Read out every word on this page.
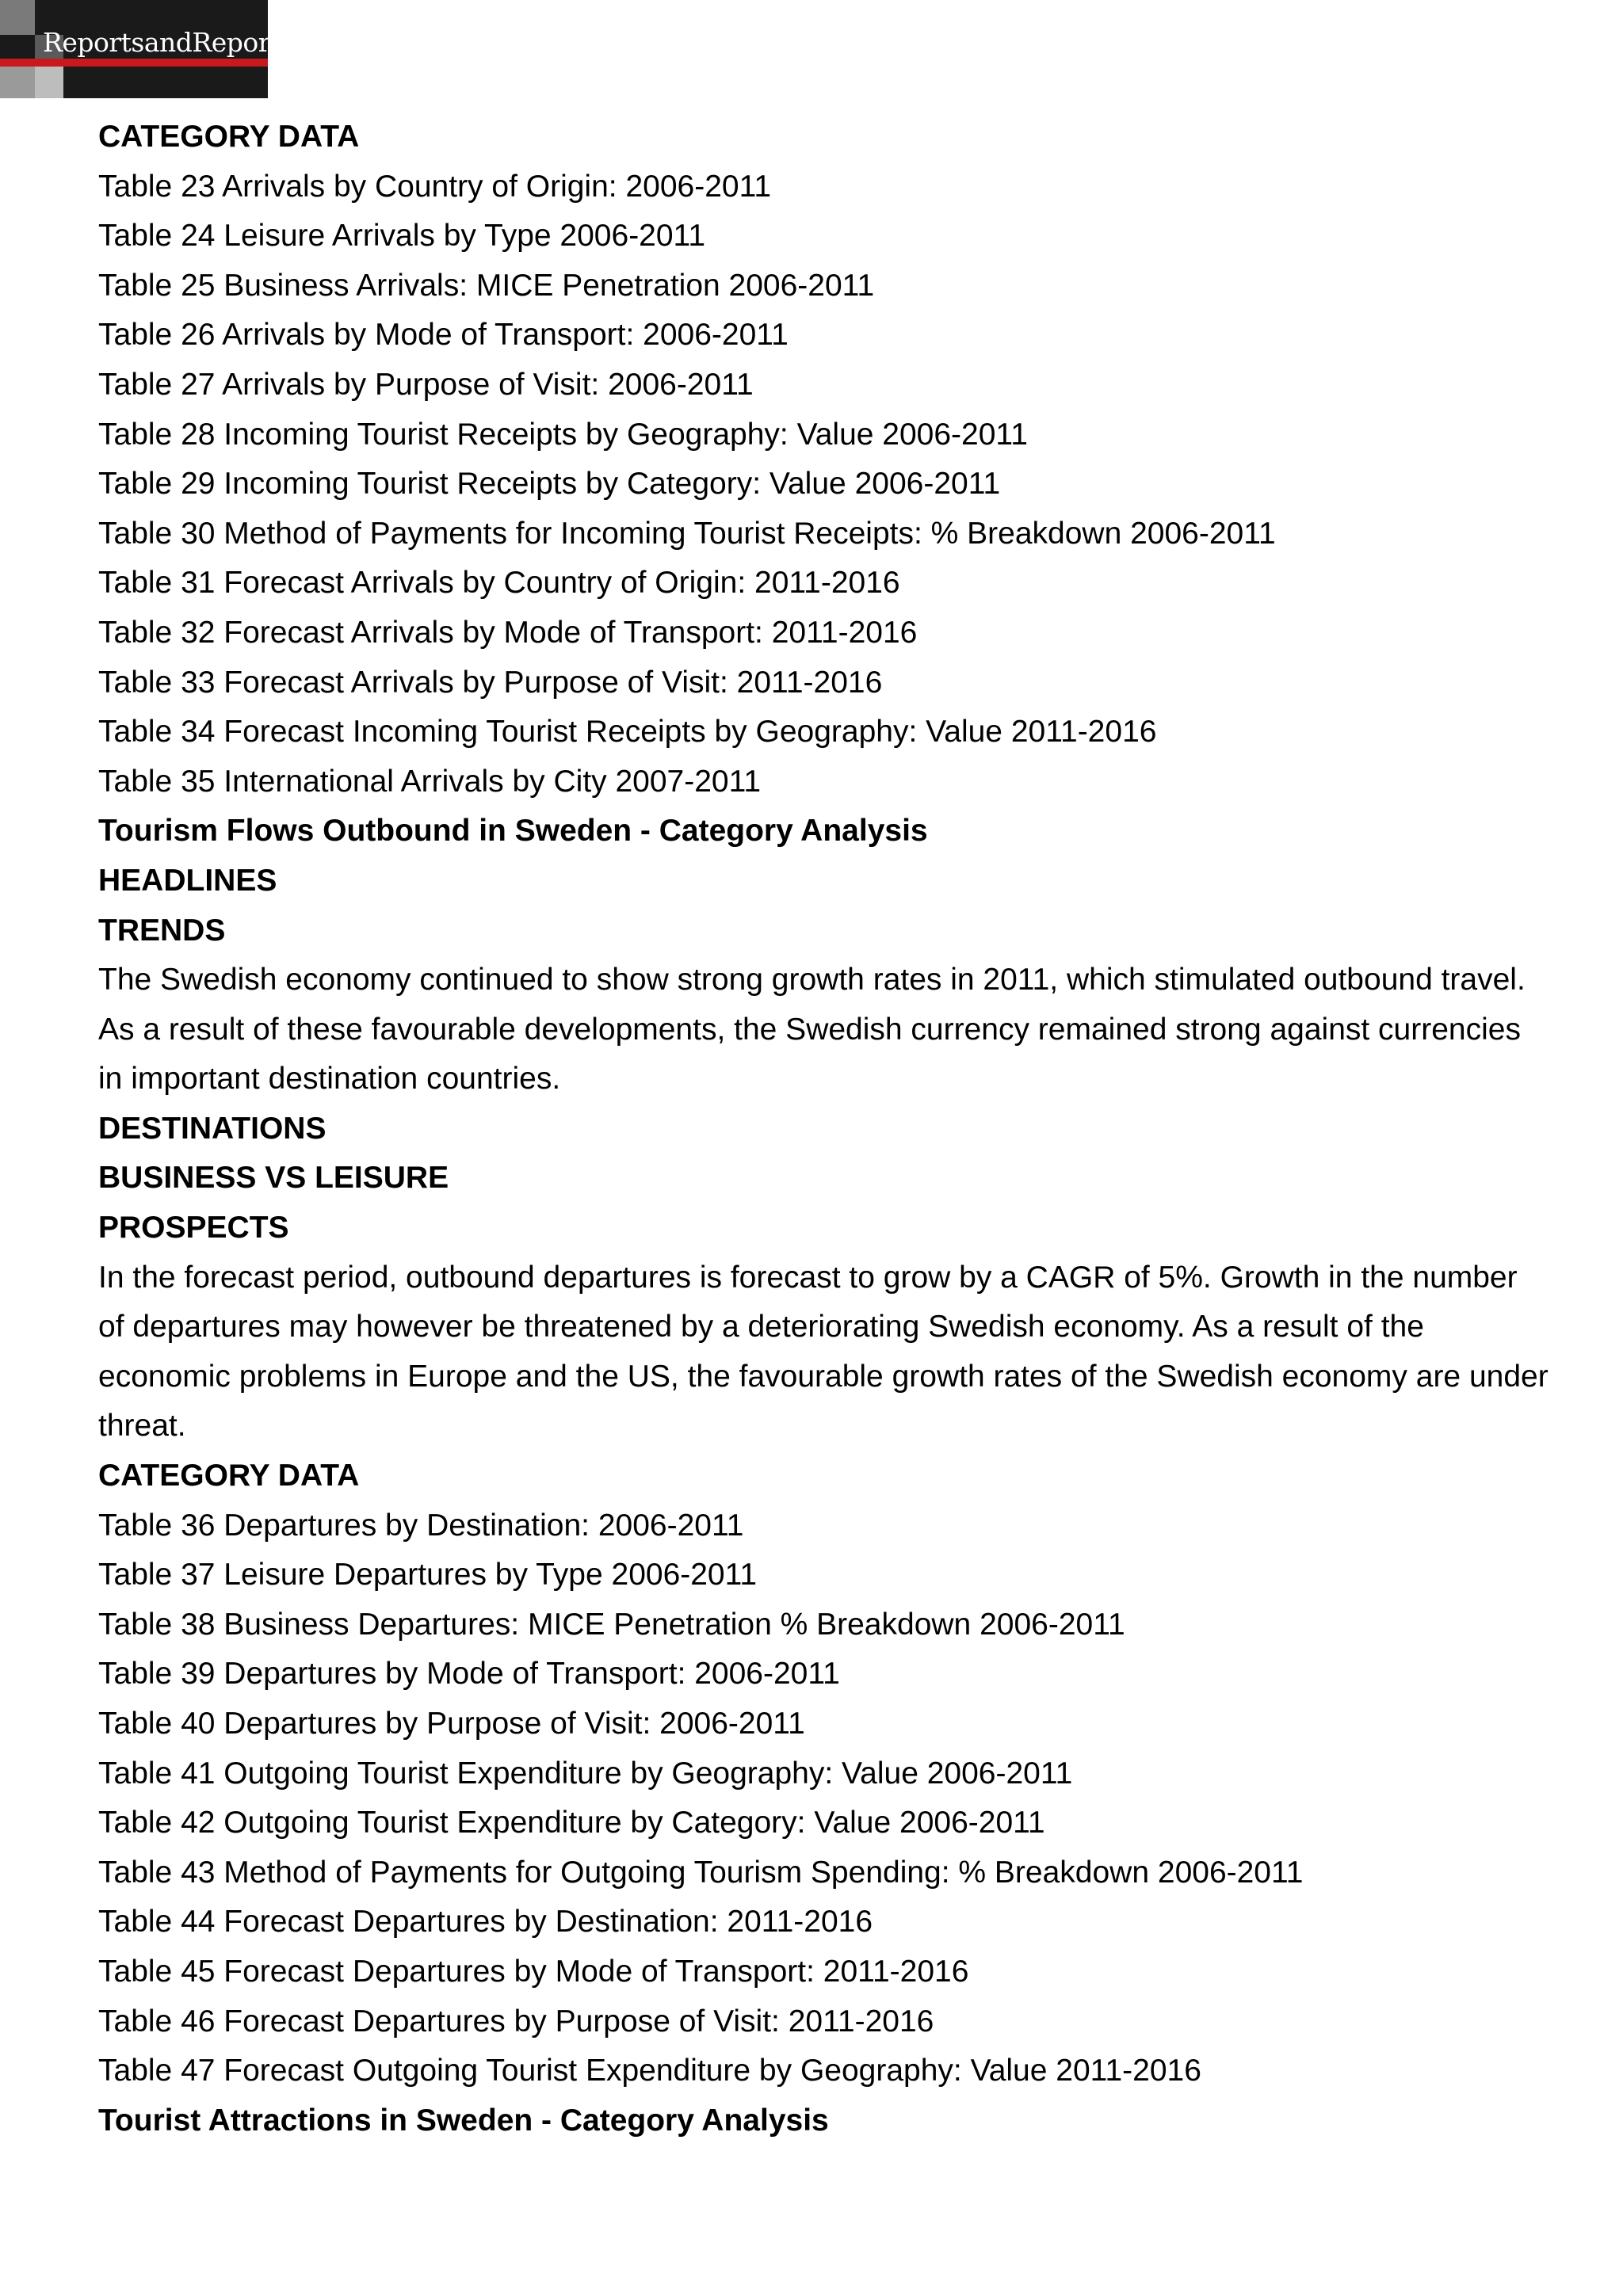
ReportsandReports
CATEGORY DATA
Table 23 Arrivals by Country of Origin: 2006-2011
Table 24 Leisure Arrivals by Type 2006-2011
Table 25 Business Arrivals: MICE Penetration 2006-2011
Table 26 Arrivals by Mode of Transport: 2006-2011
Table 27 Arrivals by Purpose of Visit: 2006-2011
Table 28 Incoming Tourist Receipts by Geography: Value 2006-2011
Table 29 Incoming Tourist Receipts by Category: Value 2006-2011
Table 30 Method of Payments for Incoming Tourist Receipts: % Breakdown 2006-2011
Table 31 Forecast Arrivals by Country of Origin: 2011-2016
Table 32 Forecast Arrivals by Mode of Transport: 2011-2016
Table 33 Forecast Arrivals by Purpose of Visit: 2011-2016
Table 34 Forecast Incoming Tourist Receipts by Geography: Value 2011-2016
Table 35 International Arrivals by City 2007-2011
Tourism Flows Outbound in Sweden - Category Analysis
HEADLINES
TRENDS
The Swedish economy continued to show strong growth rates in 2011, which stimulated outbound travel. As a result of these favourable developments, the Swedish currency remained strong against currencies in important destination countries.
DESTINATIONS
BUSINESS VS LEISURE
PROSPECTS
In the forecast period, outbound departures is forecast to grow by a CAGR of 5%. Growth in the number of departures may however be threatened by a deteriorating Swedish economy. As a result of the economic problems in Europe and the US, the favourable growth rates of the Swedish economy are under threat.
CATEGORY DATA
Table 36 Departures by Destination: 2006-2011
Table 37 Leisure Departures by Type 2006-2011
Table 38 Business Departures: MICE Penetration % Breakdown 2006-2011
Table 39 Departures by Mode of Transport: 2006-2011
Table 40 Departures by Purpose of Visit: 2006-2011
Table 41 Outgoing Tourist Expenditure by Geography: Value 2006-2011
Table 42 Outgoing Tourist Expenditure by Category: Value 2006-2011
Table 43 Method of Payments for Outgoing Tourism Spending: % Breakdown 2006-2011
Table 44 Forecast Departures by Destination: 2011-2016
Table 45 Forecast Departures by Mode of Transport: 2011-2016
Table 46 Forecast Departures by Purpose of Visit: 2011-2016
Table 47 Forecast Outgoing Tourist Expenditure by Geography: Value 2011-2016
Tourist Attractions in Sweden - Category Analysis
